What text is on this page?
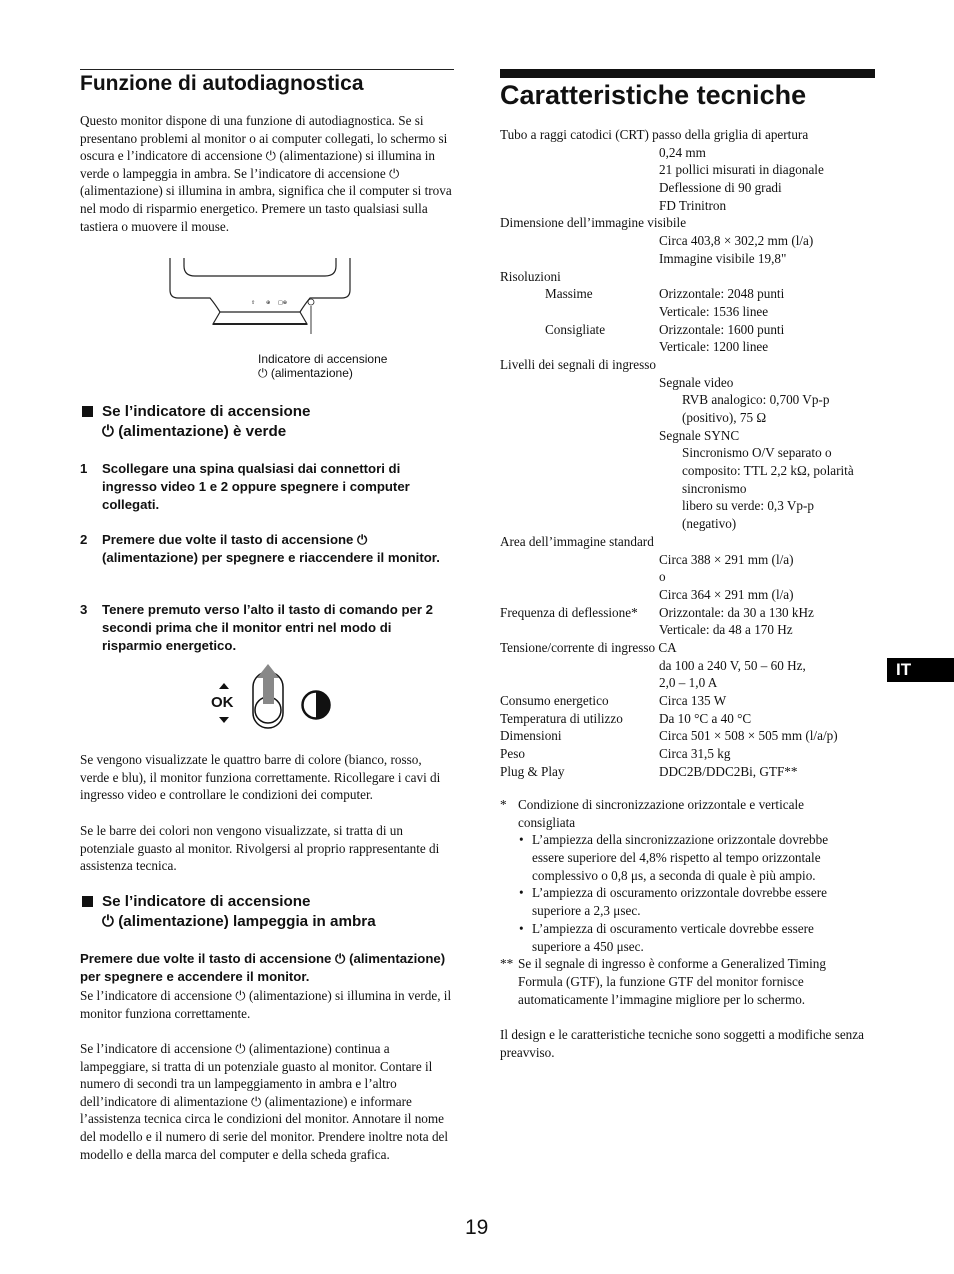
Funzione di autodiagnostica
Questo monitor dispone di una funzione di autodiagnostica. Se si presentano problemi al monitor o ai computer collegati, lo schermo si oscura e l’indicatore di accensione ⏻ (alimentazione) si illumina in verde o lampeggia in ambra. Se l’indicatore di accensione ⏻ (alimentazione) si illumina in ambra, significa che il computer si trova nel modo di risparmio energetico. Premere un tasto qualsiasi sulla tastiera o muovere il mouse.
⇧ ⊕ □⊕
Indicatore di accensione
⏻ (alimentazione)
Se l’indicatore di accensione
⏻ (alimentazione) è verde
1 Scollegare una spina qualsiasi dai connettori di ingresso video 1 e 2 oppure spegnere i computer collegati.
2 Premere due volte il tasto di accensione ⏻ (alimentazione) per spegnere e riaccendere il monitor.
3 Tenere premuto verso l’alto il tasto di comando per 2 secondi prima che il monitor entri nel modo di risparmio energetico.
OK
Se vengono visualizzate le quattro barre di colore (bianco, rosso, verde e blu), il monitor funziona correttamente. Ricollegare i cavi di ingresso video e controllare le condizioni dei computer.
Se le barre dei colori non vengono visualizzate, si tratta di un potenziale guasto al monitor. Rivolgersi al proprio rappresentante di assistenza tecnica.
Se l’indicatore di accensione
⏻ (alimentazione) lampeggia in ambra
Premere due volte il tasto di accensione ⏻ (alimentazione) per spegnere e accendere il monitor.
Se l’indicatore di accensione ⏻ (alimentazione) si illumina in verde, il monitor funziona correttamente.
Se l’indicatore di accensione ⏻ (alimentazione) continua a lampeggiare, si tratta di un potenziale guasto al monitor. Contare il numero di secondi tra un lampeggiamento in ambra e l’altro dell’indicatore di alimentazione ⏻ (alimentazione) e informare l’assistenza tecnica circa le condizioni del monitor. Annotare il nome del modello e il numero di serie del monitor. Prendere inoltre nota del modello e della marca del computer e della scheda grafica.
Caratteristiche tecniche
Tubo a raggi catodici (CRT) passo della griglia di apertura
0,24 mm
21 pollici misurati in diagonale
Deflessione di 90 gradi
FD Trinitron
Dimensione dell’immagine visibile
Circa 403,8 × 302,2 mm (l/a)
Immagine visibile 19,8"
Risoluzioni
Massime	Orizzontale: 2048 punti
Verticale: 1536 linee
Consigliate	Orizzontale: 1600 punti
Verticale: 1200 linee
Livelli dei segnali di ingresso
Segnale video
RVB analogico: 0,700 Vp-p
(positivo), 75 Ω
Segnale SYNC
Sincronismo O/V separato o
composito: TTL 2,2 kΩ, polarità
sincronismo
libero su verde: 0,3 Vp-p
(negativo)
Area dell’immagine standard
Circa 388 × 291 mm (l/a)
o
Circa 364 × 291 mm (l/a)
Frequenza di deflessione* Orizzontale: da 30 a 130 kHz
Verticale: da 48 a 170 Hz
Tensione/corrente di ingresso CA
da 100 a 240 V, 50 – 60 Hz,
2,0 – 1,0 A
Consumo energetico	Circa 135 W
Temperatura di utilizzo	Da 10 °C a 40 °C
Dimensioni	Circa 501 × 508 × 505 mm (l/a/p)
Peso	Circa 31,5 kg
Plug & Play	DDC2B/DDC2Bi, GTF**
* Condizione di sincronizzazione orizzontale e verticale
consigliata
• L’ampiezza della sincronizzazione orizzontale dovrebbe
essere superiore del 4,8% rispetto al tempo orizzontale
complessivo o 0,8 μs, a seconda di quale è più ampio.
• L’ampiezza di oscuramento orizzontale dovrebbe essere
superiore a 2,3 μsec.
• L’ampiezza di oscuramento verticale dovrebbe essere
superiore a 450 μsec.
** Se il segnale di ingresso è conforme a Generalized Timing
Formula (GTF), la funzione GTF del monitor fornisce
automaticamente l’immagine migliore per lo schermo.
Il design e le caratteristiche tecniche sono soggetti a modifiche senza preavviso.
IT
19
